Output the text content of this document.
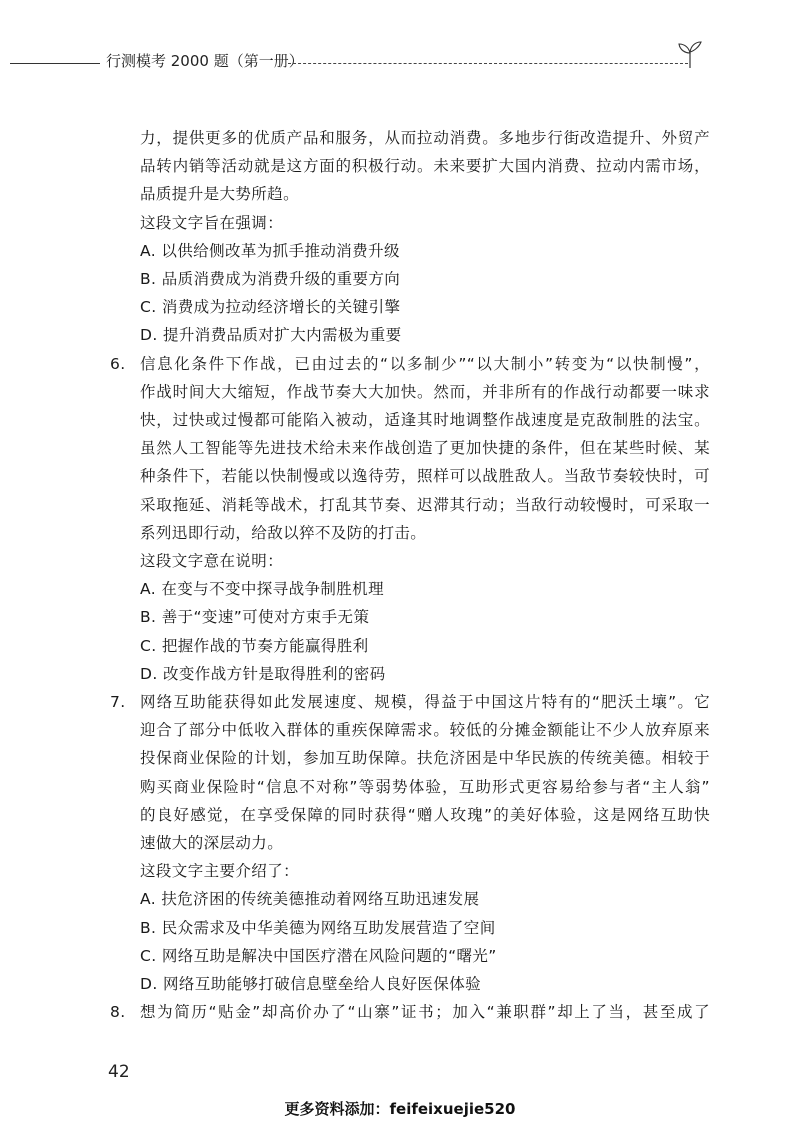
行测模考 2000 题（第一册）
力，提供更多的优质产品和服务，从而拉动消费。多地步行街改造提升、外贸产
品转内销等活动就是这方面的积极行动。未来要扩大国内消费、拉动内需市场，
品质提升是大势所趋。

这段文字旨在强调：

A. 以供给侧改革为抓手推动消费升级

B. 品质消费成为消费升级的重要方向

C. 消费成为拉动经济增长的关键引擎

D. 提升消费品质对扩大内需极为重要

6. 信息化条件下作战，已由过去的“以多制少”“以大制小”转变为“以快制慢”，
作战时间大大缩短，作战节奏大大加快。然而，并非所有的作战行动都要一味求
快，过快或过慢都可能陷入被动，适逢其时地调整作战速度是克敌制胜的法宝。
虽然人工智能等先进技术给未来作战创造了更加快捷的条件，但在某些时候、某
种条件下，若能以快制慢或以逸待劳，照样可以战胜敌人。当敌节奏较快时，可
采取拖延、消耗等战术，打乱其节奏、迟滞其行动；当敌行动较慢时，可采取一
系列迅即行动，给敌以猝不及防的打击。

这段文字意在说明：

A. 在变与不变中探寻战争制胜机理

B. 善于“变速”可使对方束手无策

C. 把握作战的节奏方能赢得胜利

D. 改变作战方针是取得胜利的密码

7. 网络互助能获得如此发展速度、规模，得益于中国这片特有的“肥沃土壤”。它
迎合了部分中低收入群体的重疾保障需求。较低的分摊金额能让不少人放弃原来
投保商业保险的计划，参加互助保障。扶危济困是中华民族的传统美德。相较于
购买商业保险时“信息不对称”等弱势体验，互助形式更容易给参与者“主人翁”
的良好感觉，在享受保障的同时获得“赠人玫瑰”的美好体验，这是网络互助快
速做大的深层动力。

这段文字主要介绍了：

A. 扶危济困的传统美德推动着网络互助迅速发展

B. 民众需求及中华美德为网络互助发展营造了空间

C. 网络互助是解决中国医疗潜在风险问题的“曙光”

D. 网络互助能够打破信息壁垒给人良好医保体验

8. 想为简历“贴金”却高价办了“山寨”证书；加入“兼职群”却上了当，甚至成了
42
更多资料添加：feifeixuejie520
